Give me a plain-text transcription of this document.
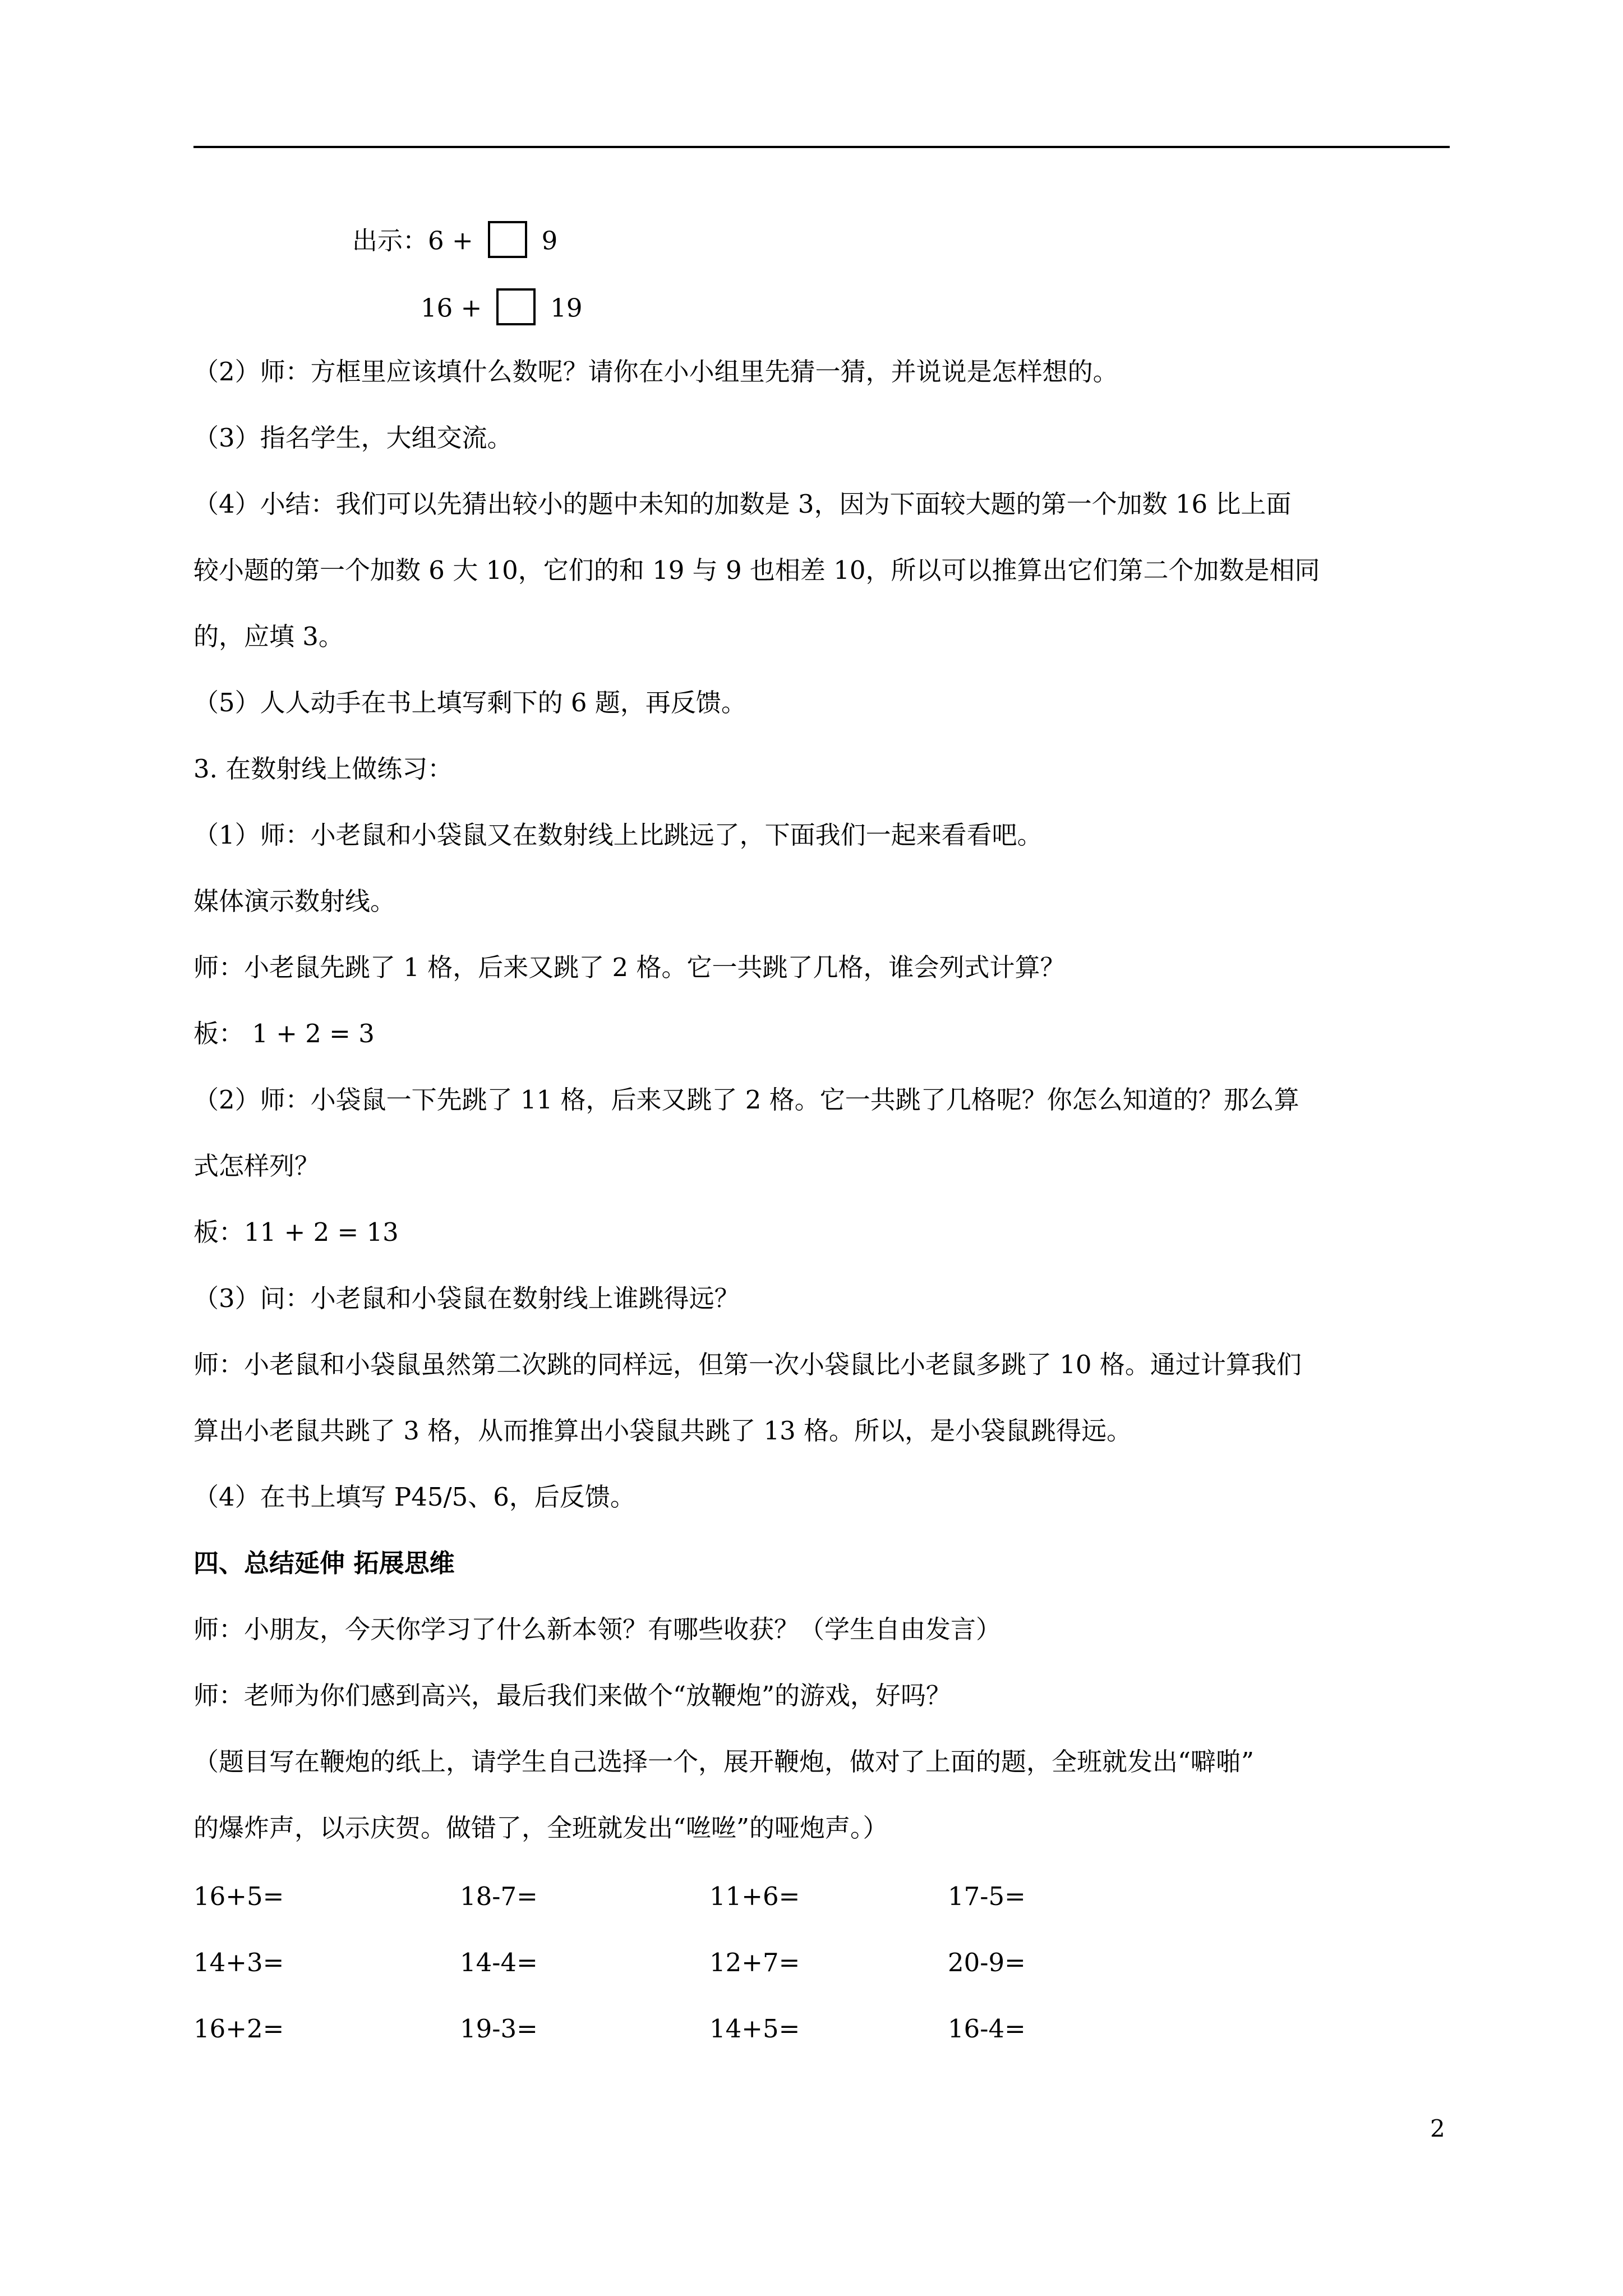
出示：6 +	9
16 +	19
（2）师：方框里应该填什么数呢？请你在小小组里先猜一猜，并说说是怎样想的。
（3）指名学生，大组交流。
（4）小结：我们可以先猜出较小的题中未知的加数是 3，因为下面较大题的第一个加数 16 比上面
较小题的第一个加数 6 大 10，它们的和 19 与 9 也相差 10，所以可以推算出它们第二个加数是相同
的，应填 3。
（5）人人动手在书上填写剩下的 6 题，再反馈。
3. 在数射线上做练习：
（1）师：小老鼠和小袋鼠又在数射线上比跳远了，下面我们一起来看看吧。
媒体演示数射线。
师：小老鼠先跳了 1 格，后来又跳了 2 格。它一共跳了几格，谁会列式计算？
板： 1 + 2 = 3
（2）师：小袋鼠一下先跳了 11 格，后来又跳了 2 格。它一共跳了几格呢？你怎么知道的？那么算
式怎样列？
板：11 + 2 = 13
（3）问：小老鼠和小袋鼠在数射线上谁跳得远？
师：小老鼠和小袋鼠虽然第二次跳的同样远，但第一次小袋鼠比小老鼠多跳了 10 格。通过计算我们
算出小老鼠共跳了 3 格，从而推算出小袋鼠共跳了 13 格。所以，是小袋鼠跳得远。
（4）在书上填写 P45/5、6，后反馈。
四、总结延伸 拓展思维
师：小朋友，今天你学习了什么新本领？有哪些收获？（学生自由发言）
师：老师为你们感到高兴，最后我们来做个“放鞭炮”的游戏，好吗？
（题目写在鞭炮的纸上，请学生自己选择一个，展开鞭炮，做对了上面的题，全班就发出“噼啪”
的爆炸声，以示庆贺。做错了，全班就发出“咝咝”的哑炮声。）
16+5=	18-7=	11+6=	17-5=
14+3=	14-4=	12+7=	20-9=
16+2=	19-3=	14+5=	16-4=
2
